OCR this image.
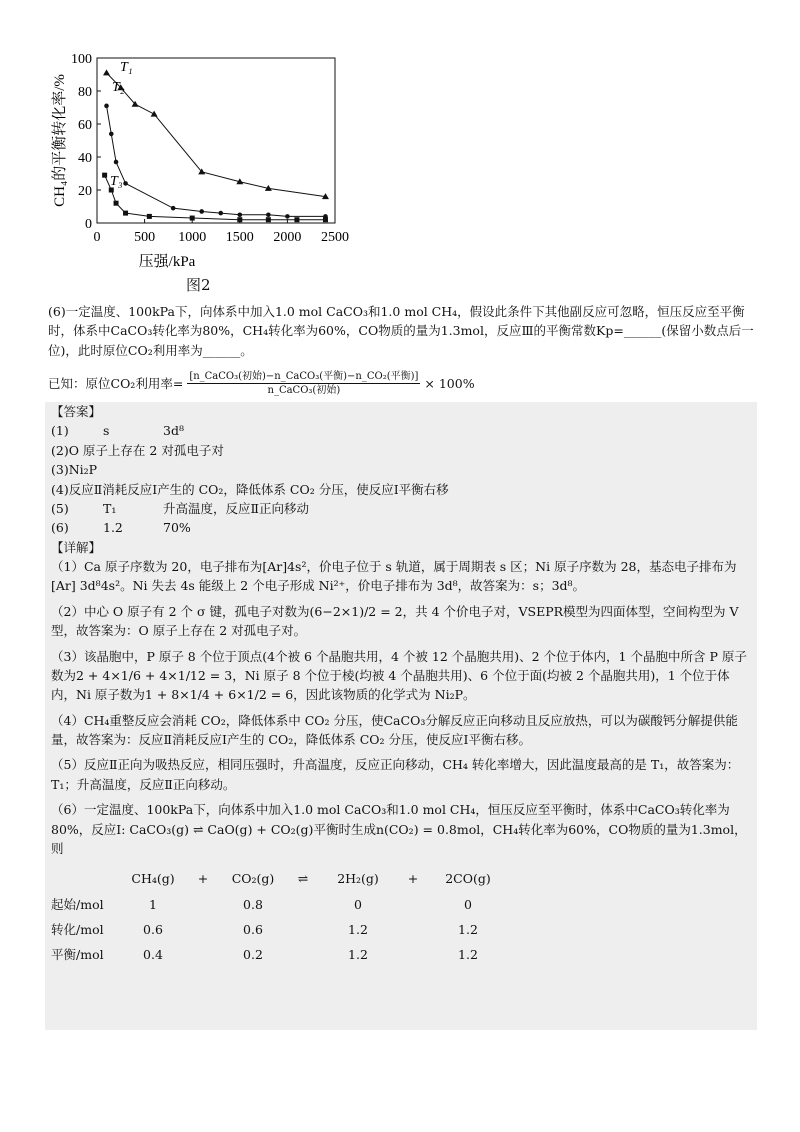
0 500 1000 1500 2000 2500
0
20
40
60
80
100
压强/kPa
CH₄的平衡转化率/%
T₁
T₂
T₃
图2
(6)一定温度、100kPa下，向体系中加入1.0 mol CaCO₃和1.0 mol CH₄，假设此条件下其他副反应可忽略，恒压反应至平衡时，体系中CaCO₃转化率为80%，CH₄转化率为60%，CO物质的量为1.3mol，反应Ⅲ的平衡常数Kp=______(保留小数点后一位)，此时原位CO₂利用率为______。
已知：原位CO₂利用率= $\frac{\text{[n\_CaCO₃(初始)−n\_CaCO₃(平衡)−n\_CO₂(平衡)]}}{\text{n\_CaCO₃(初始)}} \times 100\%$

【答案】

(1)	s	3d⁸
(2)O 原子上存在 2 对孤电子对
(3)Ni₂P
(4)反应Ⅱ消耗反应Ⅰ产生的 CO₂，降低体系 CO₂ 分压，使反应Ⅰ平衡右移
(5)	T₁	升高温度，反应Ⅱ正向移动
(6)	1.2	70%

【详解】

（1）Ca 原子序数为 20，电子排布为[Ar]4s²，价电子位于 s 轨道，属于周期表 s 区；Ni 原子序数为 28，基态电子排布为[Ar] 3d⁸4s²。Ni 失去 4s 能级上 2 个电子形成 Ni²⁺，价电子排布为 3d⁸，故答案为：s；3d⁸。

（2）中心 O 原子有 2 个 σ 键，孤电子对数为(6−2×1)/2 = 2，共 4 个价电子对，VSEPR模型为四面体型，空间构型为 V 型，故答案为：O 原子上存在 2 对孤电子对。

（3）该晶胞中，P 原子 8 个位于顶点(4个被 6 个晶胞共用，4 个被 12 个晶胞共用)、2 个位于体内，1 个晶胞中所含 P 原子数为2 + 4×1/6 + 4×1/12 = 3，Ni 原子 8 个位于棱(均被 4 个晶胞共用)、6 个位于面(均被 2 个晶胞共用)，1 个位于体内，Ni 原子数为1 + 8×1/4 + 6×1/2 = 6，因此该物质的化学式为 Ni₂P。

（4）CH₄重整反应会消耗 CO₂，降低体系中 CO₂ 分压，使CaCO₃分解反应正向移动且反应放热，可以为碳酸钙分解提供能量，故答案为：反应Ⅱ消耗反应Ⅰ产生的 CO₂，降低体系 CO₂ 分压，使反应Ⅰ平衡右移。

（5）反应Ⅱ正向为吸热反应，相同压强时，升高温度，反应正向移动，CH₄ 转化率增大，因此温度最高的是 T₁，故答案为：T₁；升高温度，反应Ⅱ正向移动。

（6）一定温度、100kPa下，向体系中加入1.0 mol CaCO₃和1.0 mol CH₄，恒压反应至平衡时，体系中CaCO₃转化率为80%，反应Ⅰ: CaCO₃(g) ⇌ CaO(g) + CO₂(g)平衡时生成n(CO₂) = 0.8mol，CH₄转化率为60%，CO物质的量为1.3mol，则

	CH₄(g)	+	CO₂(g)	⇌	2H₂(g)	+	2CO(g)
起始/mol	1		0.8		0		0
转化/mol	0.6		0.6		1.2		1.2
平衡/mol	0.4		0.2		1.2		1.2
